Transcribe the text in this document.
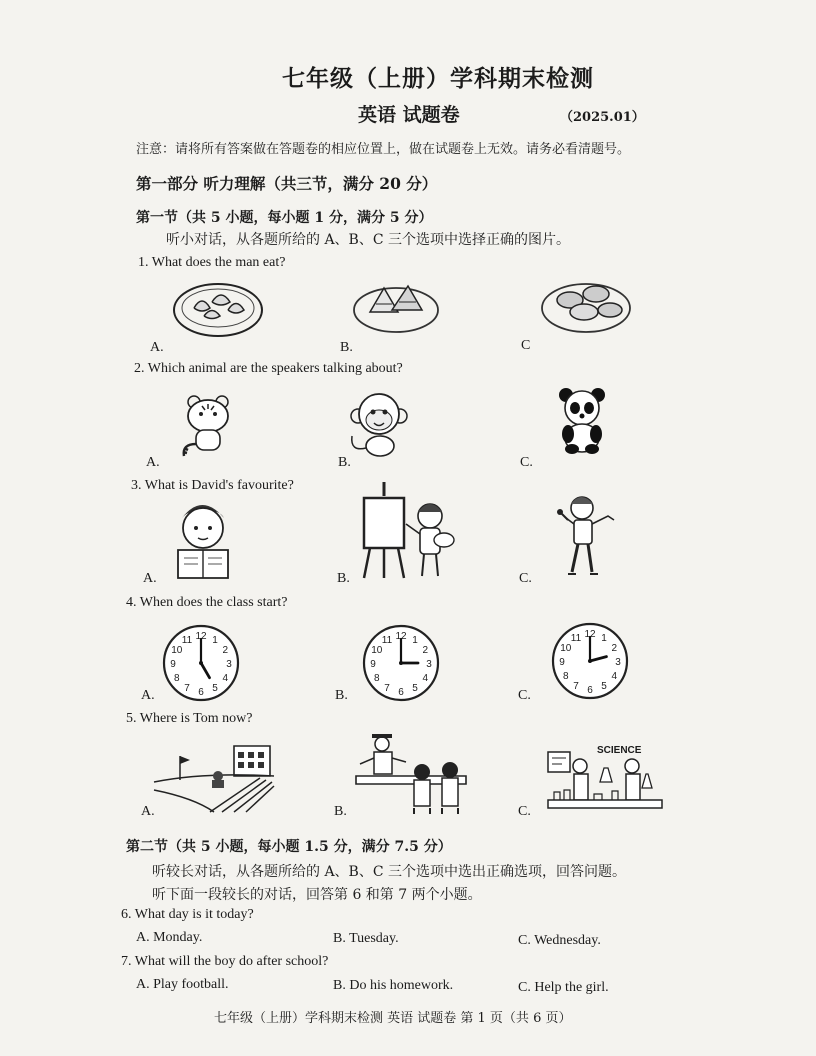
七年级（上册）学科期末检测
英语 试题卷	（2025.01）
注意：请将所有答案做在答题卷的相应位置上，做在试题卷上无效。请务必看清题号。
第一部分 听力理解（共三节，满分 20 分）
第一节（共 5 小题，每小题 1 分，满分 5 分）
听小对话，从各题所给的 A、B、C 三个选项中选择正确的图片。
1. What does the man eat?
A.	B.	C
2. Which animal are the speakers talking about?
A.	B.	C.
3. What is David's favourite?
A.	B.	C.
4. When does the class start?
12 1
2
3
4
5
6
7
8
9
10
11	12 1
2
3
4
5
6
7
8
9
10
11
12 1
2
3
4
5
6
7
8
9
10
11
A.	B.	C.
5. Where is Tom now?
SCIENCE
A.	B.	C.
第二节（共 5 小题，每小题 1.5 分，满分 7.5 分）
听较长对话，从各题所给的 A、B、C 三个选项中选出正确选项，回答问题。
听下面一段较长的对话，回答第 6 和第 7 两个小题。
6. What day is it today?
A. Monday.	B. Tuesday.	C. Wednesday.
7. What will the boy do after school?
A. Play football.	B. Do his homework.	C. Help the girl.
七年级（上册）学科期末检测 英语 试题卷 第 1 页（共 6 页）
